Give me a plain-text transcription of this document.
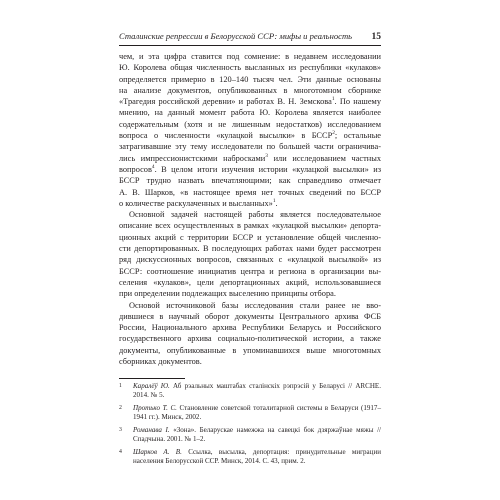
Сталинские репрессии в Белорусской ССР: мифы и реальность 15

чем, и эта цифра ставится под сомнение: в недавнем исследовании

Ю. Королева общая численность высланных из республики «кулаков»

определяется примерно в 120–140 тысяч чел. Эти данные основаны

на анализе документов, опубликованных в многотомном сборнике

«Трагедия российской деревни» и работах В. Н. Земскова$^1$. По нашему

мнению, на данный момент работа Ю. Королева является наиболее

содержательным (хотя и не лишенным недостатков) исследованием

вопроса о численности «кулацкой высылки» в БССР$^2$; остальные

затрагивавшие эту тему исследователи по большей части ограничива-

лись импрессионистскими набросками$^3$ или исследованием частных

вопросов$^4$. В целом итоги изучения истории «кулацкой высылки» из

БССР трудно назвать впечатляющими; как справедливо отмечает

А. В. Шарков, «в настоящее время нет точных сведений по БССР

о количестве раскулаченных и высланных»$^1$.

Основной задачей настоящей работы является последовательное

описание всех осуществленных в рамках «кулацкой высылки» депорта-

ционных акций с территории БССР и установление общей численно-

сти депортированных. В последующих работах нами будет рассмотрен

ряд дискуссионных вопросов, связанных с «кулацкой высылкой» из

БССР: соотношение инициатив центра и региона в организации вы-

селения «кулаков», цели депортационных акций, использовавшиеся

при определении подлежащих выселению принципы отбора.

Основой источниковой базы исследования стали ранее не вво-

дившиеся в научный оборот документы Центрального архива ФСБ

России, Национального архива Республики Беларусь и Российского

государственного архива социально-политической истории, а также

документы, опубликованные в упоминавшихся выше многотомных

сборниках документов.

1	Каралёў Ю. Аб рэальных маштабах сталінскіх рэпрэсій у Беларусі // ARCHE. 2014. № 5.
2	Протько Т. С. Становление советской тоталитарной системы в Беларуси (1917–1941 гг.). Минск, 2002.
3	Романава І. «Зона». Беларускае намежжа на савецкі бок дзяржаўнае мяжы // Спадчына. 2001. № 1–2.
4	Шарков А. В. Ссылка, высылка, депортация: принудительные миграции населения Белорусской ССР. Минск, 2014. С. 43, прим. 2.
